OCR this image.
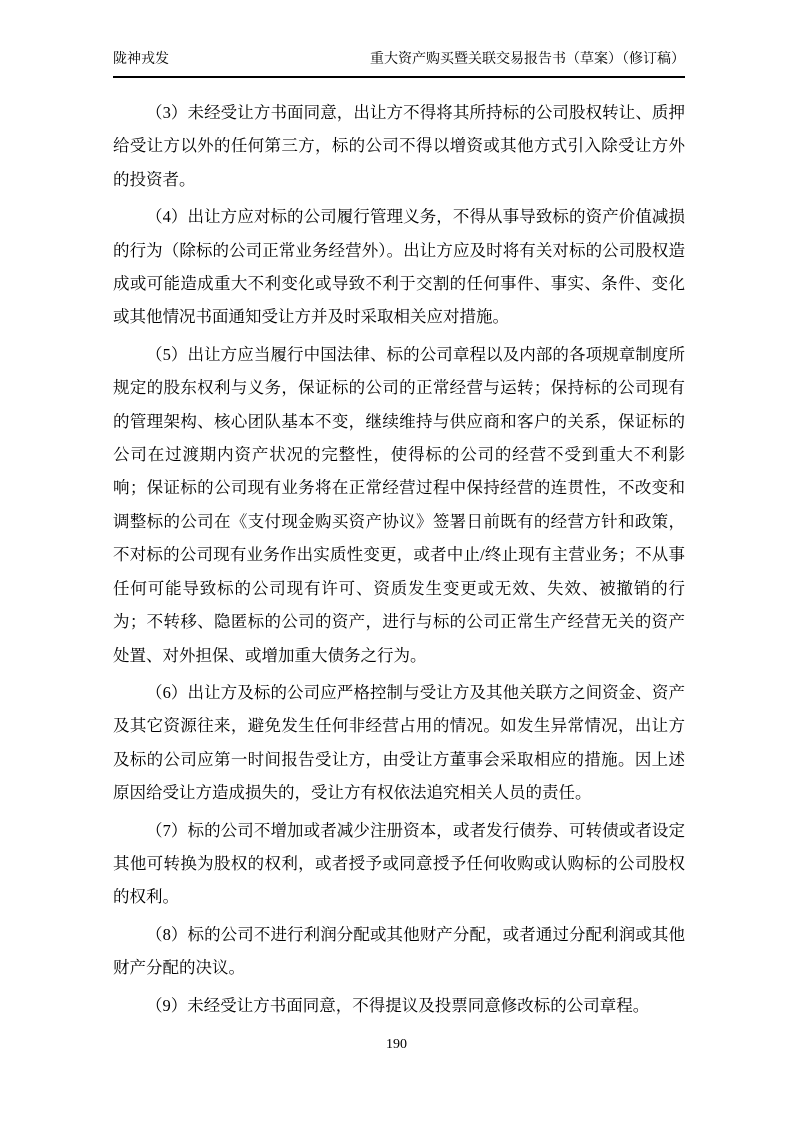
陇神戎发	重大资产购买暨关联交易报告书（草案）（修订稿）

（3）未经受让方书面同意，出让方不得将其所持标的公司股权转让、质押给受让方以外的任何第三方，标的公司不得以增资或其他方式引入除受让方外的投资者。

（4）出让方应对标的公司履行管理义务，不得从事导致标的资产价值减损的行为（除标的公司正常业务经营外）。出让方应及时将有关对标的公司股权造成或可能造成重大不利变化或导致不利于交割的任何事件、事实、条件、变化或其他情况书面通知受让方并及时采取相关应对措施。

（5）出让方应当履行中国法律、标的公司章程以及内部的各项规章制度所规定的股东权利与义务，保证标的公司的正常经营与运转；保持标的公司现有的管理架构、核心团队基本不变，继续维持与供应商和客户的关系，保证标的公司在过渡期内资产状况的完整性，使得标的公司的经营不受到重大不利影响；保证标的公司现有业务将在正常经营过程中保持经营的连贯性，不改变和调整标的公司在《支付现金购买资产协议》签署日前既有的经营方针和政策，不对标的公司现有业务作出实质性变更，或者中止/终止现有主营业务；不从事任何可能导致标的公司现有许可、资质发生变更或无效、失效、被撤销的行为；不转移、隐匿标的公司的资产，进行与标的公司正常生产经营无关的资产处置、对外担保、或增加重大债务之行为。

（6）出让方及标的公司应严格控制与受让方及其他关联方之间资金、资产及其它资源往来，避免发生任何非经营占用的情况。如发生异常情况，出让方及标的公司应第一时间报告受让方，由受让方董事会采取相应的措施。因上述原因给受让方造成损失的，受让方有权依法追究相关人员的责任。

（7）标的公司不增加或者减少注册资本，或者发行债券、可转债或者设定其他可转换为股权的权利，或者授予或同意授予任何收购或认购标的公司股权的权利。

（8）标的公司不进行利润分配或其他财产分配，或者通过分配利润或其他财产分配的决议。

（9）未经受让方书面同意，不得提议及投票同意修改标的公司章程。

190
